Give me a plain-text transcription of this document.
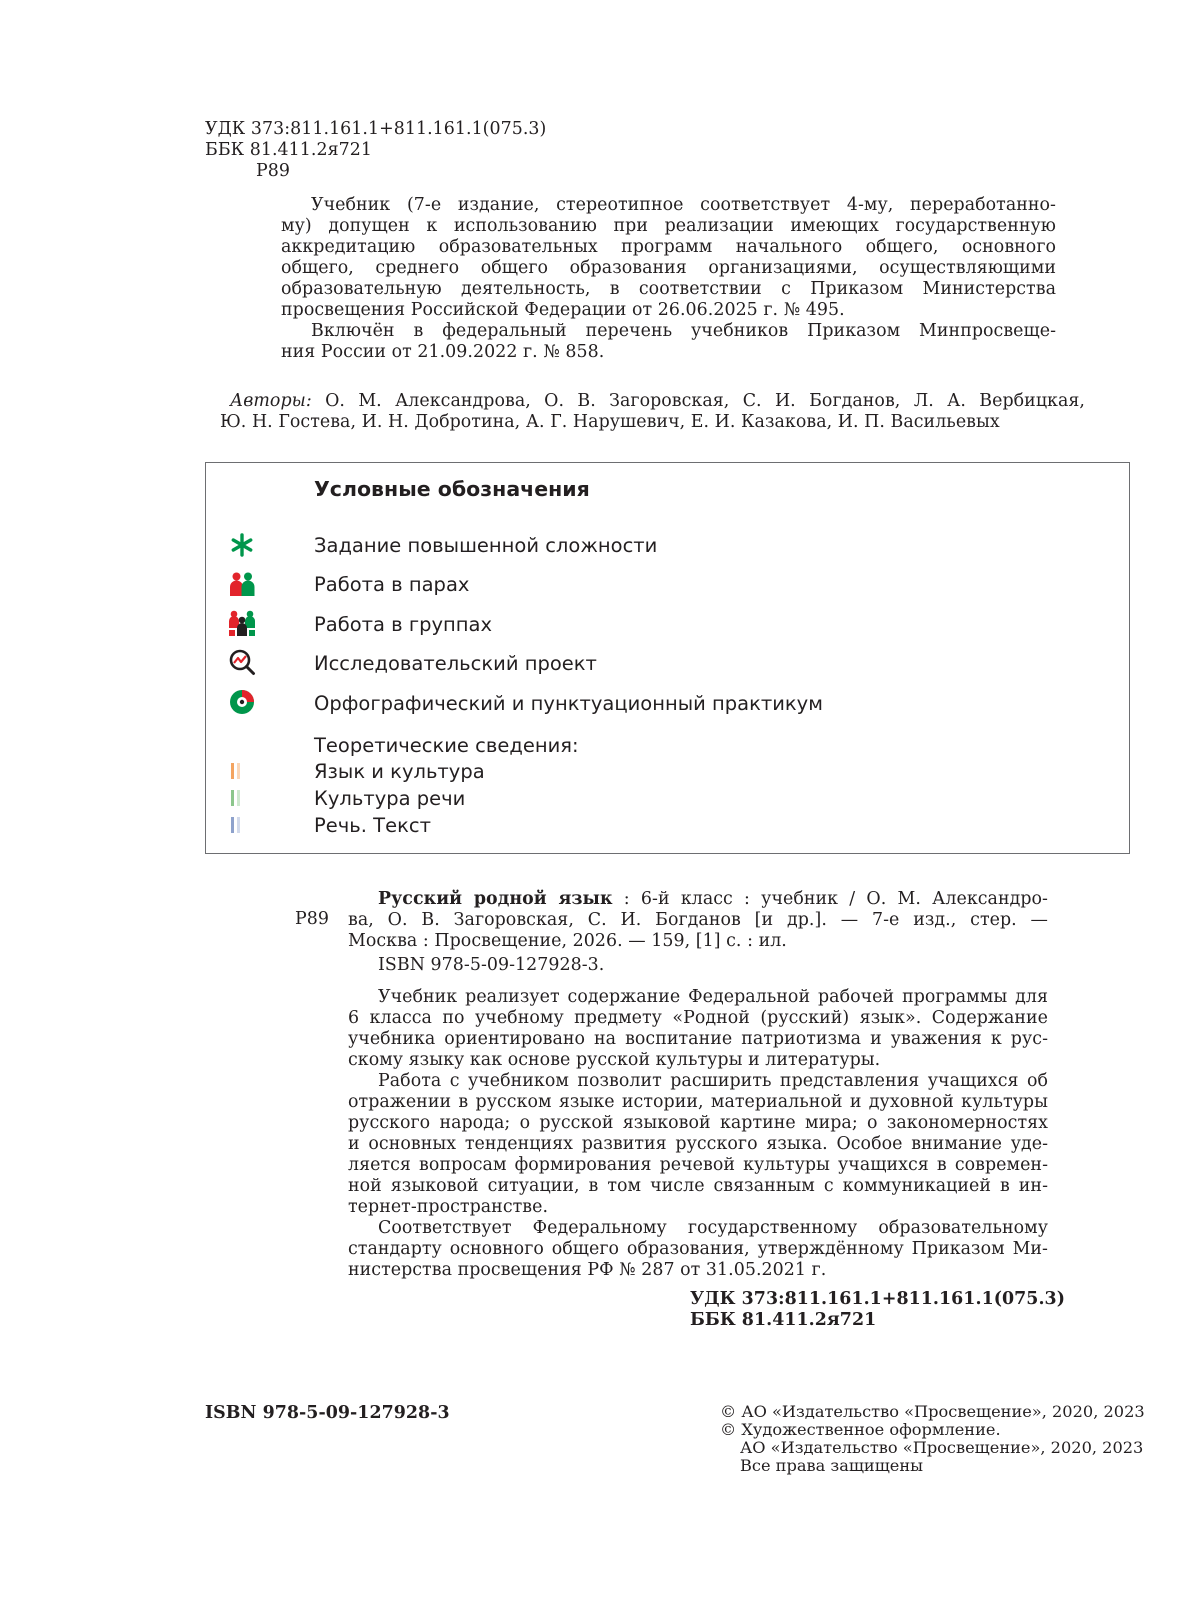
УДК 373:811.161.1+811.161.1(075.3)
ББК 81.411.2я721
Р89
Учебник (7-е издание, стереотипное соответствует 4-му, переработанно-
му) допущен к использованию при реализации имеющих государственную
аккредитацию образовательных программ начального общего, основного
общего, среднего общего образования организациями, осуществляющими
образовательную деятельность, в соответствии с Приказом Министерства
просвещения Российской Федерации от 26.06.2025 г. № 495.
Включён в федеральный перечень учебников Приказом Минпросвеще-
ния России от 21.09.2022 г. № 858.
Авторы: О. М. Александрова, О. В. Загоровская, С. И. Богданов, Л. А. Вербицкая,
Ю. Н. Гостева, И. Н. Добротина, А. Г. Нарушевич, Е. И. Казакова, И. П. Васильевых
Условные обозначения
Задание повышенной сложности
Работа в парах
Работа в группах
Исследовательский проект
Орфографический и пунктуационный практикум
Теоретические сведения:
Язык и культура
Культура речи
Речь. Текст
Р89
Русский родной язык : 6-й класс : учебник / О. М. Александро-
ва, О. В. Загоровская, С. И. Богданов [и др.]. — 7-е изд., стер. —
Москва : Просвещение, 2026. — 159, [1] с. : ил.
ISBN 978-5-09-127928-3.
Учебник реализует содержание Федеральной рабочей программы для
6 класса по учебному предмету «Родной (русский) язык». Содержание
учебника ориентировано на воспитание патриотизма и уважения к рус-
скому языку как основе русской культуры и литературы.
Работа с учебником позволит расширить представления учащихся об
отражении в русском языке истории, материальной и духовной культуры
русского народа; о русской языковой картине мира; о закономерностях
и основных тенденциях развития русского языка. Особое внимание уде-
ляется вопросам формирования речевой культуры учащихся в современ-
ной языковой ситуации, в том числе связанным с коммуникацией в ин-
тернет-пространстве.
Соответствует Федеральному государственному образовательному
стандарту основного общего образования, утверждённому Приказом Ми-
нистерства просвещения РФ № 287 от 31.05.2021 г.
УДК 373:811.161.1+811.161.1(075.3)
ББК 81.411.2я721
ISBN 978-5-09-127928-3	© АО «Издательство «Просвещение», 2020, 2023
© Художественное оформление.
АО «Издательство «Просвещение», 2020, 2023
Все права защищены
